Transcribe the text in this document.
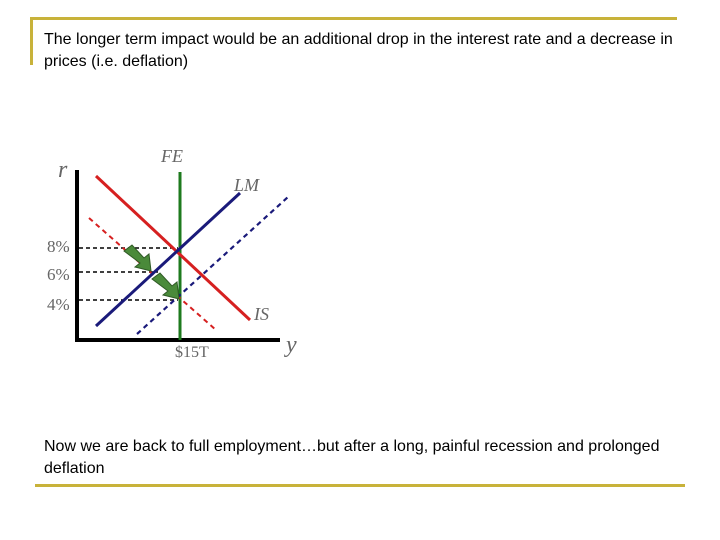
The longer term impact would be an additional drop in the interest rate and a decrease in prices (i.e. deflation)
r
y
8%
6%
4%
FE
IS
LM
$15T
Now we are back to full employment…but after a long, painful recession and prolonged deflation
